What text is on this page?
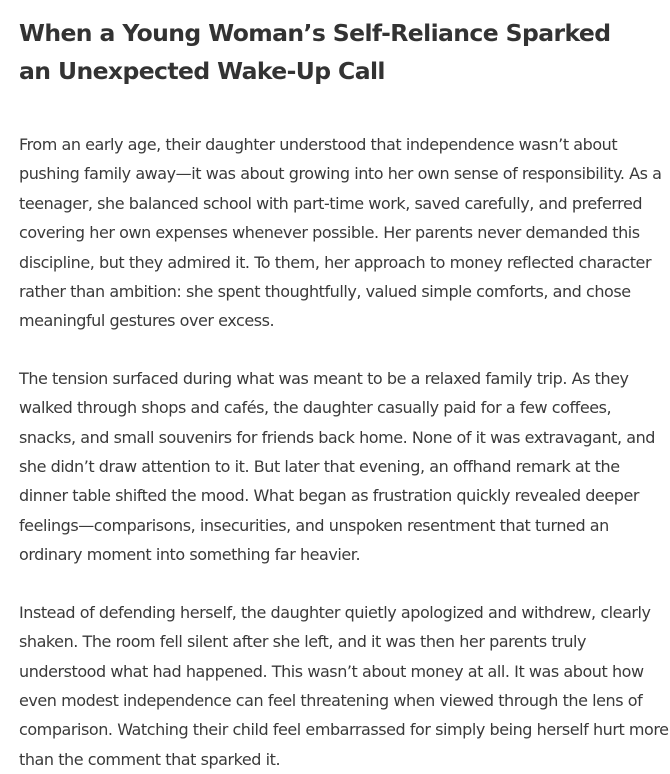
When a Young Woman’s Self-Reliance Sparked an Unexpected Wake-Up Call

From an early age, their daughter understood that independence wasn’t about pushing family away—it was about growing into her own sense of responsibility. As a teenager, she balanced school with part-time work, saved carefully, and preferred covering her own expenses whenever possible. Her parents never demanded this discipline, but they admired it. To them, her approach to money reflected character rather than ambition: she spent thoughtfully, valued simple comforts, and chose meaningful gestures over excess.

The tension surfaced during what was meant to be a relaxed family trip. As they walked through shops and cafés, the daughter casually paid for a few coffees, snacks, and small souvenirs for friends back home. None of it was extravagant, and she didn’t draw attention to it. But later that evening, an offhand remark at the dinner table shifted the mood. What began as frustration quickly revealed deeper feelings—comparisons, insecurities, and unspoken resentment that turned an ordinary moment into something far heavier.

Instead of defending herself, the daughter quietly apologized and withdrew, clearly shaken. The room fell silent after she left, and it was then her parents truly understood what had happened. This wasn’t about money at all. It was about how even modest independence can feel threatening when viewed through the lens of comparison. Watching their child feel embarrassed for simply being herself hurt more than the comment that sparked it.
